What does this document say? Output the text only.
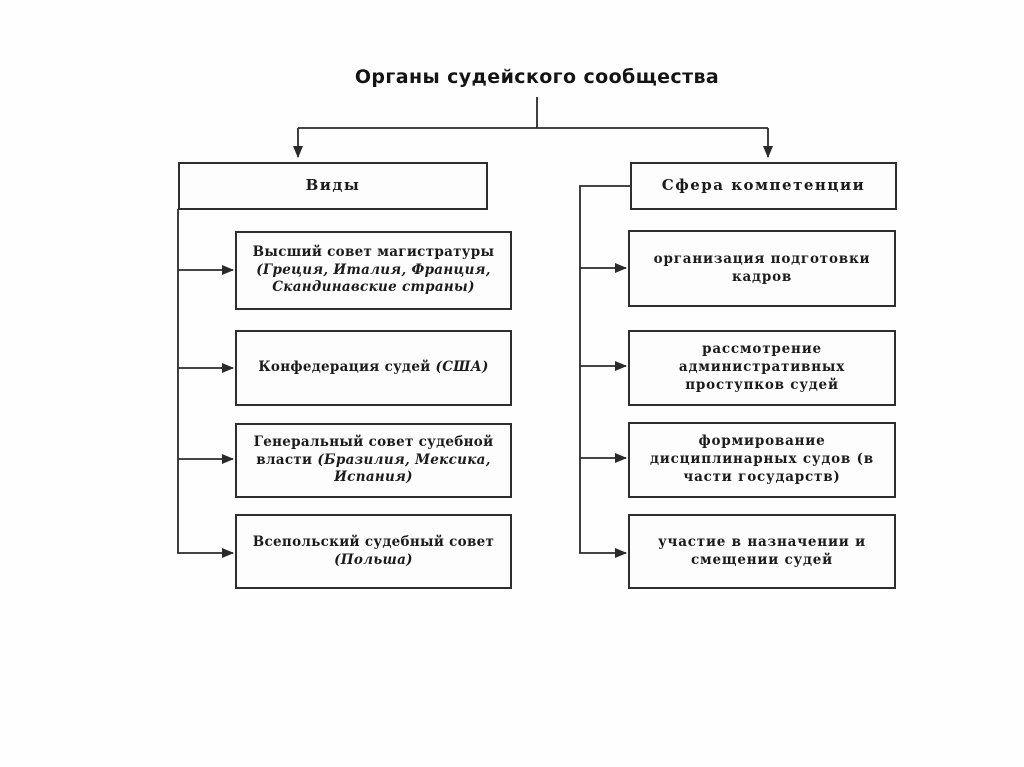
Органы судейского сообщества
Виды	Сфера компетенции
Высший совет магистратуры (Греция, Италия, Франция, Скандинавские страны)
Конфедерация судей (США)
Генеральный совет судебной власти (Бразилия, Мексика, Испания)
Всепольский судебный совет (Польша)
организация подготовки кадров
рассмотрение административных проступков судей
формирование дисциплинарных судов (в части государств)
участие в назначении и смещении судей
